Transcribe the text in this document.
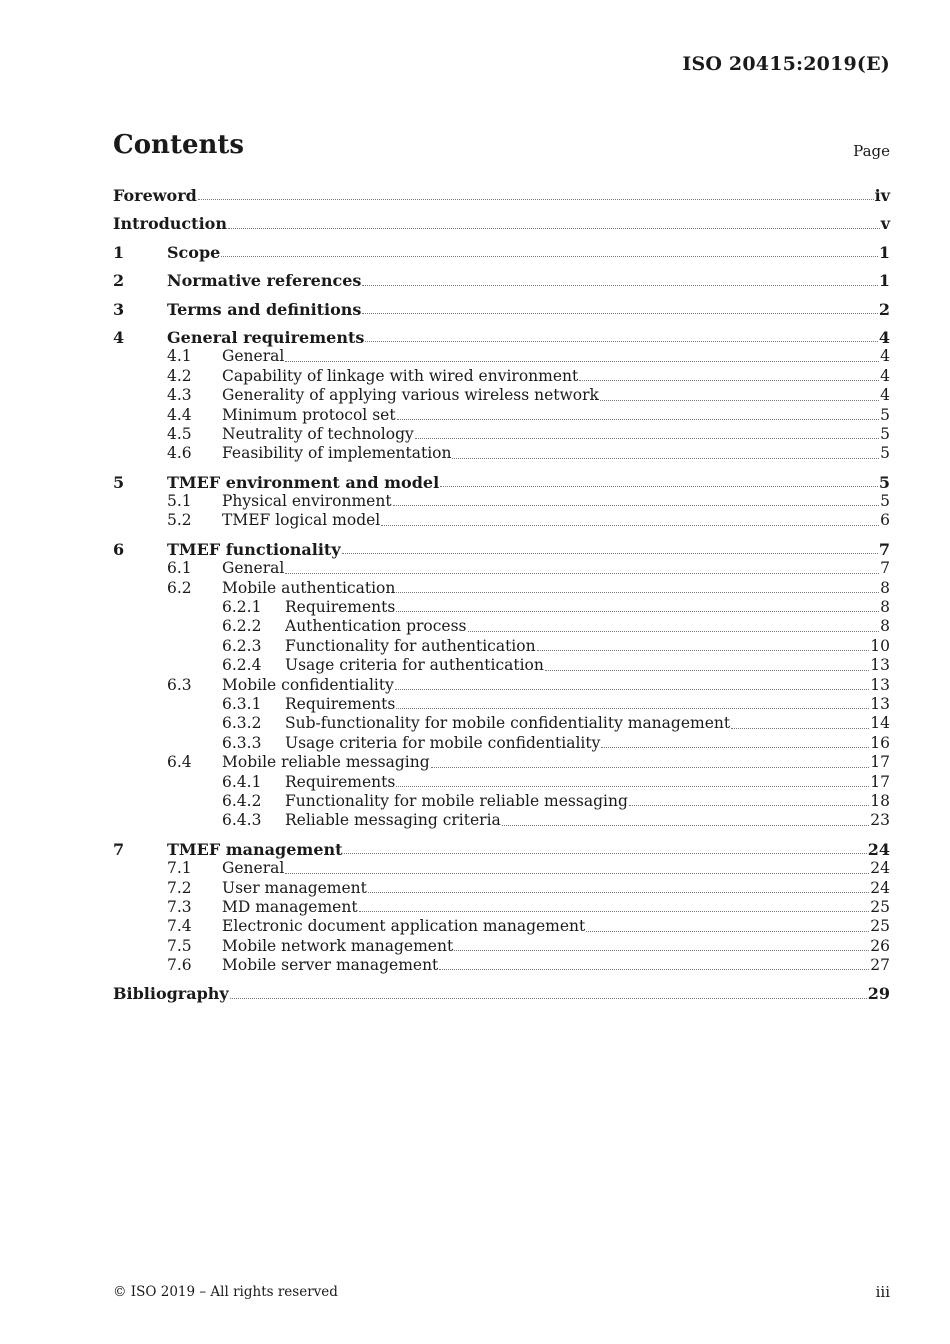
ISO 20415:2019(E)
Contents	Page
Foreword	iv
Introduction	v
1	Scope	1
2	Normative references	1
3	Terms and definitions	2
4	General requirements	4
4.1	General	4
4.2	Capability of linkage with wired environment	4
4.3	Generality of applying various wireless network	4
4.4	Minimum protocol set	5
4.5	Neutrality of technology	5
4.6	Feasibility of implementation	5
5	TMEF environment and model	5
5.1	Physical environment	5
5.2	TMEF logical model	6
6	TMEF functionality	7
6.1	General	7
6.2	Mobile authentication	8
6.2.1	Requirements	8
6.2.2	Authentication process	8
6.2.3	Functionality for authentication	10
6.2.4	Usage criteria for authentication	13
6.3	Mobile confidentiality	13
6.3.1	Requirements	13
6.3.2	Sub-functionality for mobile confidentiality management	14
6.3.3	Usage criteria for mobile confidentiality	16
6.4	Mobile reliable messaging	17
6.4.1	Requirements	17
6.4.2	Functionality for mobile reliable messaging	18
6.4.3	Reliable messaging criteria	23
7	TMEF management	24
7.1	General	24
7.2	User management	24
7.3	MD management	25
7.4	Electronic document application management	25
7.5	Mobile network management	26
7.6	Mobile server management	27
Bibliography	29
© ISO 2019 – All rights reserved	iii
